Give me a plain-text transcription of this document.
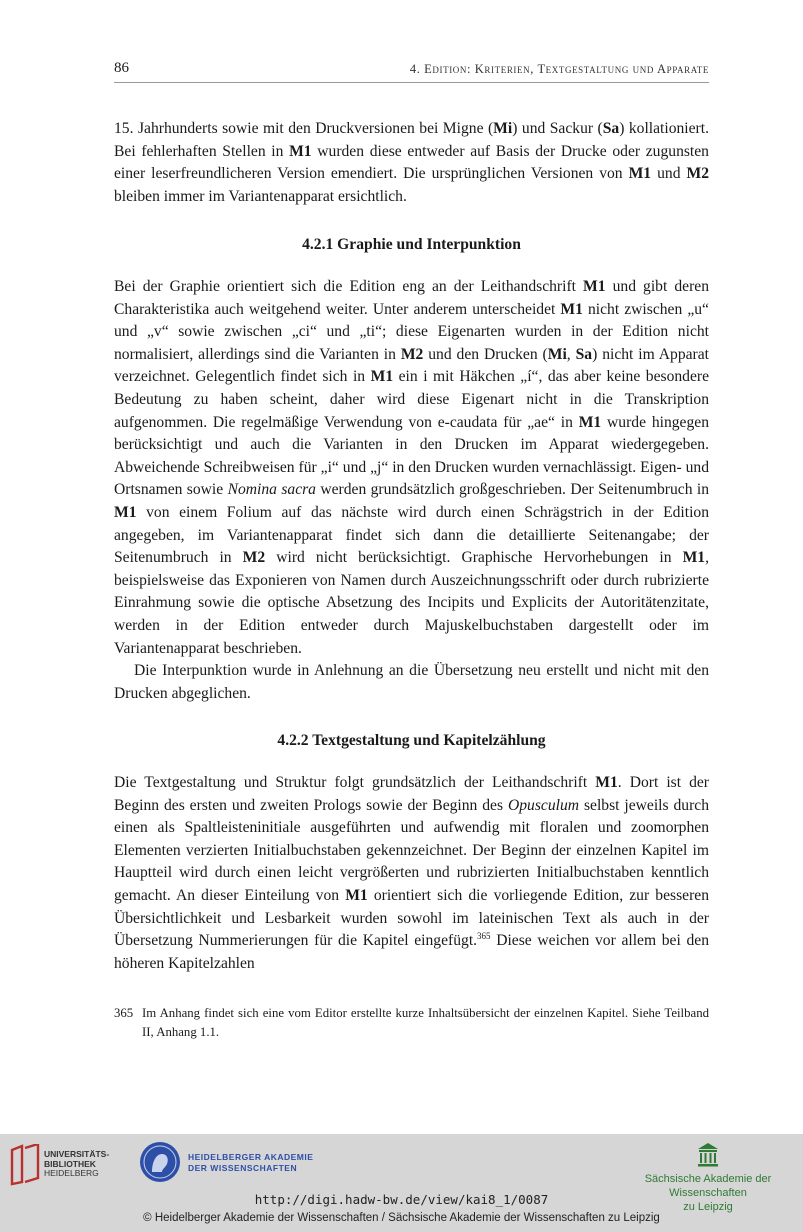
86	4. Edition: Kriterien, Textgestaltung und Apparate

15. Jahrhunderts sowie mit den Druckversionen bei Migne (Mi) und Sackur (Sa) kollationiert. Bei fehlerhaften Stellen in M1 wurden diese entweder auf Basis der Drucke oder zugunsten einer leserfreundlicheren Version emendiert. Die ursprünglichen Versionen von M1 und M2 bleiben immer im Variantenapparat ersichtlich.

4.2.1 Graphie und Interpunktion

Bei der Graphie orientiert sich die Edition eng an der Leithandschrift M1 und gibt deren Charakteristika auch weitgehend weiter. Unter anderem unterscheidet M1 nicht zwischen „u“ und „v“ sowie zwischen „ci“ und „ti“; diese Eigenarten wurden in der Edition nicht normalisiert, allerdings sind die Varianten in M2 und den Drucken (Mi, Sa) nicht im Apparat verzeichnet. Gelegentlich findet sich in M1 ein i mit Häkchen „í“, das aber keine besondere Bedeutung zu haben scheint, daher wird diese Eigenart nicht in die Transkription aufgenommen. Die regelmäßige Verwendung von e-caudata für „ae“ in M1 wurde hingegen berücksichtigt und auch die Varianten in den Drucken im Apparat wiedergegeben. Abweichende Schreibweisen für „i“ und „j“ in den Drucken wurden vernachlässigt. Eigen- und Ortsnamen sowie Nomina sacra werden grundsätzlich großgeschrieben. Der Seitenumbruch in M1 von einem Folium auf das nächste wird durch einen Schrägstrich in der Edition angegeben, im Variantenapparat findet sich dann die detaillierte Seitenangabe; der Seitenumbruch in M2 wird nicht berücksichtigt. Graphische Hervorhebungen in M1, beispielsweise das Exponieren von Namen durch Auszeichnungsschrift oder durch rubrizierte Einrahmung sowie die optische Absetzung des Incipits und Explicits der Autoritätenzitate, werden in der Edition entweder durch Majuskelbuchstaben dargestellt oder im Variantenapparat beschrieben.

Die Interpunktion wurde in Anlehnung an die Übersetzung neu erstellt und nicht mit den Drucken abgeglichen.

4.2.2 Textgestaltung und Kapitelzählung

Die Textgestaltung und Struktur folgt grundsätzlich der Leithandschrift M1. Dort ist der Beginn des ersten und zweiten Prologs sowie der Beginn des Opusculum selbst jeweils durch einen als Spaltleisteninitiale ausgeführten und aufwendig mit floralen und zoomorphen Elementen verzierten Initialbuchstaben gekennzeichnet. Der Beginn der einzelnen Kapitel im Hauptteil wird durch einen leicht vergrößerten und rubrizierten Initialbuchstaben kenntlich gemacht. An dieser Einteilung von M1 orientiert sich die vorliegende Edition, zur besseren Übersichtlichkeit und Lesbarkeit wurden sowohl im lateinischen Text als auch in der Übersetzung Nummerierungen für die Kapitel eingefügt.$^{365}$ Diese weichen vor allem bei den höheren Kapitelzahlen

365 Im Anhang findet sich eine vom Editor erstellte kurze Inhaltsübersicht der einzelnen Kapitel. Siehe Teilband II, Anhang 1.1.
UNIVERSITÄTS-
BIBLIOTHEK
HEIDELBERG
HEIDELBERGER AKADEMIE
DER WISSENSCHAFTEN
Sächsische Akademie der Wissenschaften
zu Leipzig
http://digi.hadw-bw.de/view/kai8_1/0087
© Heidelberger Akademie der Wissenschaften / Sächsische Akademie der Wissenschaften zu Leipzig
